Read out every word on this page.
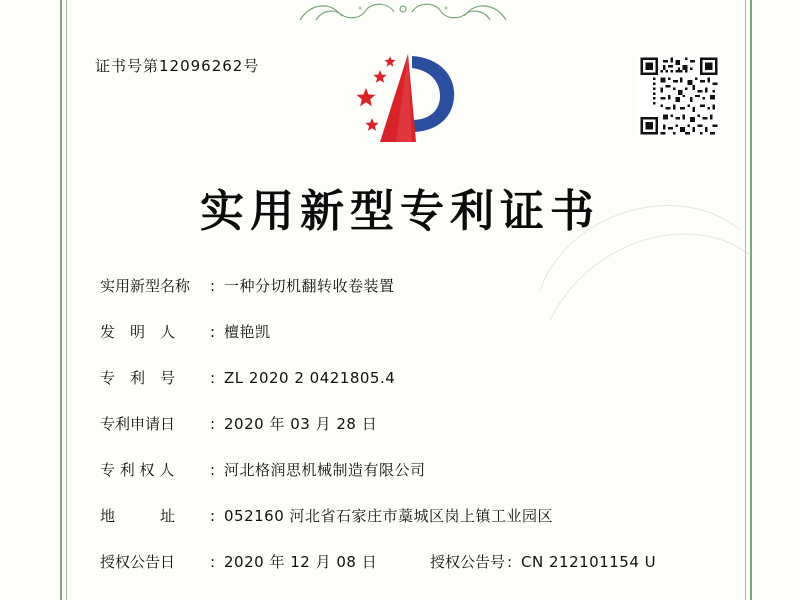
证书号第12096262号
实用新型专利证书
实用新型名称	: 一种分切机翻转收卷装置
发　明　人	: 檀艳凯
专　利　号	: ZL 2020 2 0421805.4
专利申请日	: 2020 年 03 月 28 日
专 利 权 人	: 河北格润思机械制造有限公司
地　　　址	: 052160 河北省石家庄市藁城区岗上镇工业园区
授权公告日	: 2020 年 12 月 08 日	授权公告号 : CN 212101154 U
